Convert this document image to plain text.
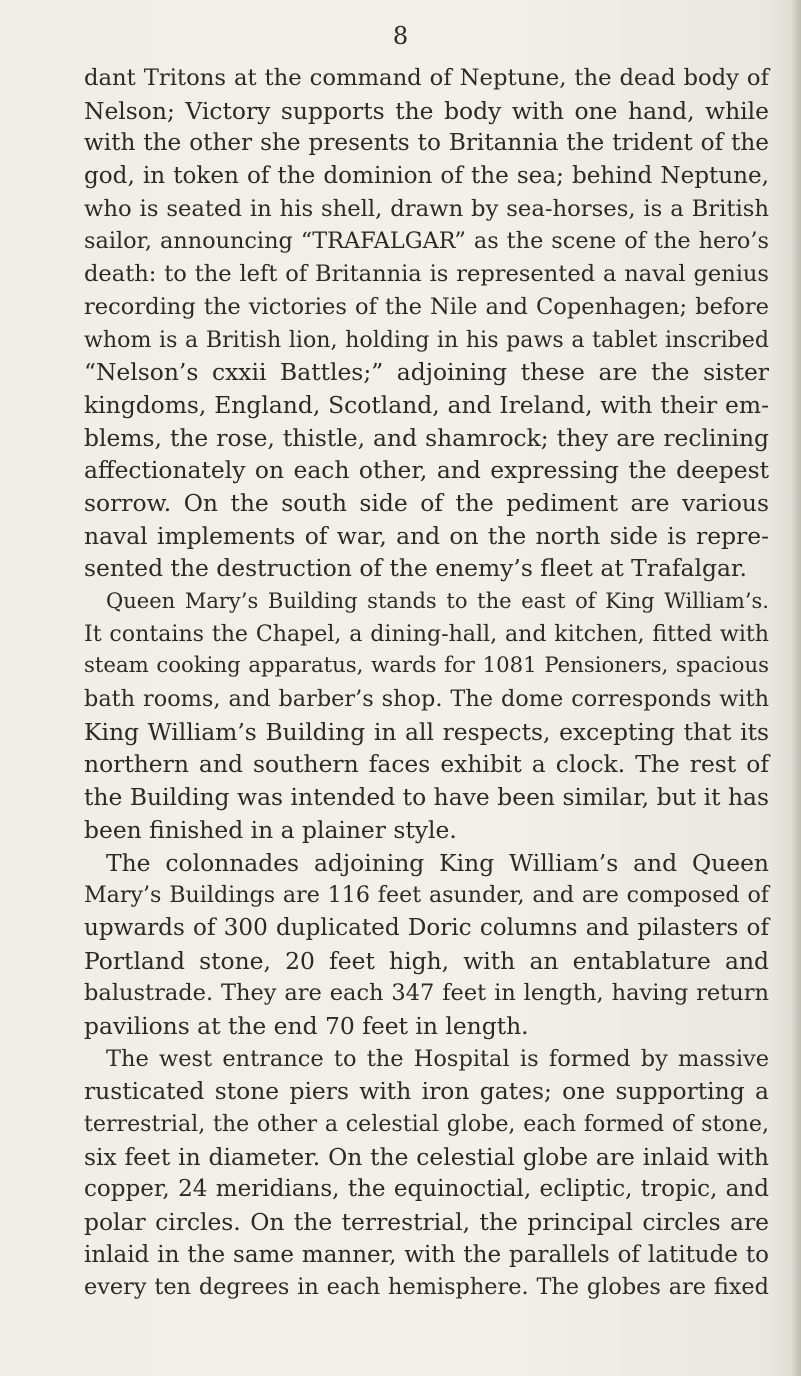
8
dant Tritons at the command of Neptune, the dead body of
Nelson; Victory supports the body with one hand, while
with the other she presents to Britannia the trident of the
god, in token of the dominion of the sea; behind Neptune,
who is seated in his shell, drawn by sea-horses, is a British
sailor, announcing “TRAFALGAR” as the scene of the hero’s
death: to the left of Britannia is represented a naval genius
recording the victories of the Nile and Copenhagen; before
whom is a British lion, holding in his paws a tablet inscribed
“Nelson’s cxxii Battles;” adjoining these are the sister
kingdoms, England, Scotland, and Ireland, with their em-
blems, the rose, thistle, and shamrock; they are reclining
affectionately on each other, and expressing the deepest
sorrow. On the south side of the pediment are various
naval implements of war, and on the north side is repre-
sented the destruction of the enemy’s fleet at Trafalgar.
Queen Mary’s Building stands to the east of King William’s.
It contains the Chapel, a dining-hall, and kitchen, fitted with
steam cooking apparatus, wards for 1081 Pensioners, spacious
bath rooms, and barber’s shop. The dome corresponds with
King William’s Building in all respects, excepting that its
northern and southern faces exhibit a clock. The rest of
the Building was intended to have been similar, but it has
been finished in a plainer style.
The colonnades adjoining King William’s and Queen
Mary’s Buildings are 116 feet asunder, and are composed of
upwards of 300 duplicated Doric columns and pilasters of
Portland stone, 20 feet high, with an entablature and
balustrade. They are each 347 feet in length, having return
pavilions at the end 70 feet in length.
The west entrance to the Hospital is formed by massive
rusticated stone piers with iron gates; one supporting a
terrestrial, the other a celestial globe, each formed of stone,
six feet in diameter. On the celestial globe are inlaid with
copper, 24 meridians, the equinoctial, ecliptic, tropic, and
polar circles. On the terrestrial, the principal circles are
inlaid in the same manner, with the parallels of latitude to
every ten degrees in each hemisphere. The globes are fixed
